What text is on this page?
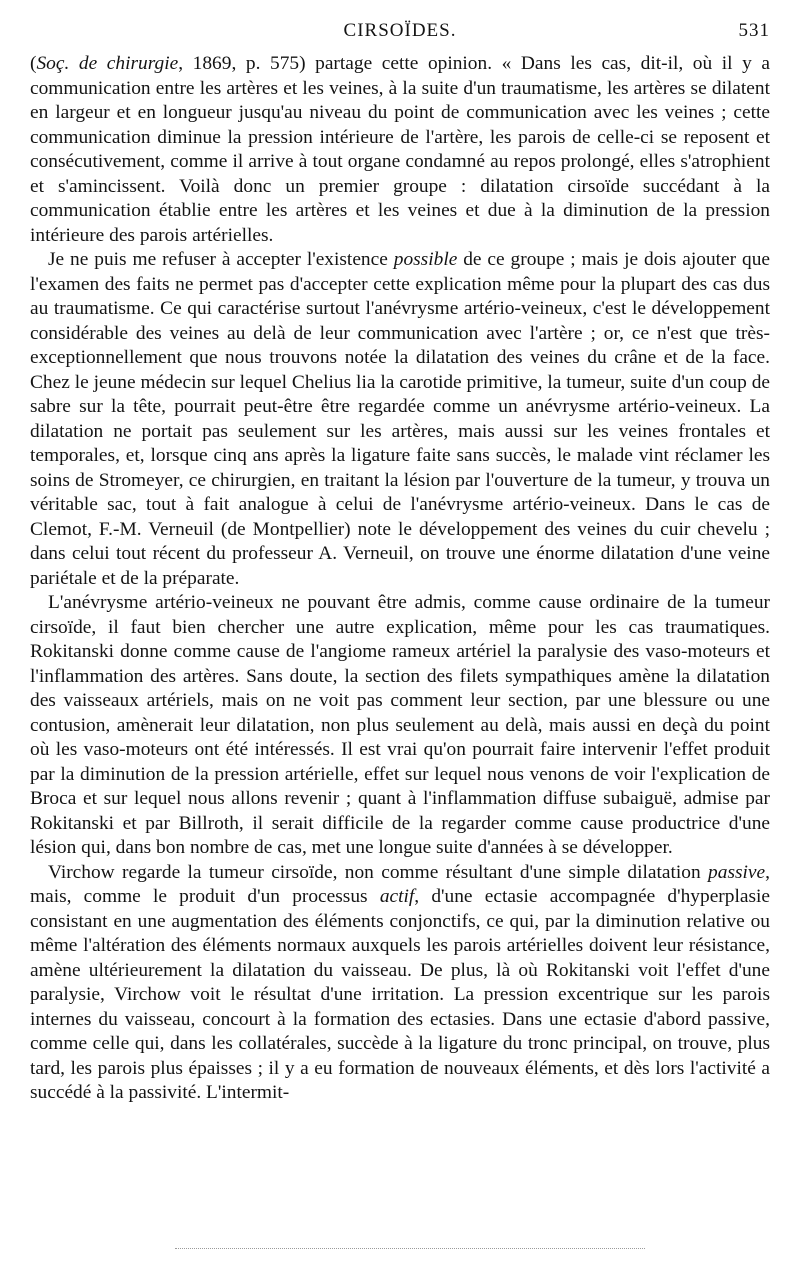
CIRSOÏDES.	531

(Soç. de chirurgie, 1869, p. 575) partage cette opinion. « Dans les cas, dit-il, où il y a communication entre les artères et les veines, à la suite d'un traumatisme, les artères se dilatent en largeur et en longueur jusqu'au niveau du point de communication avec les veines ; cette communication diminue la pression intérieure de l'artère, les parois de celle-ci se reposent et consécutivement, comme il arrive à tout organe condamné au repos prolongé, elles s'atrophient et s'amincissent. Voilà donc un premier groupe : dilatation cirsoïde succédant à la communication établie entre les artères et les veines et due à la diminution de la pression intérieure des parois artérielles.

Je ne puis me refuser à accepter l'existence possible de ce groupe ; mais je dois ajouter que l'examen des faits ne permet pas d'accepter cette explication même pour la plupart des cas dus au traumatisme. Ce qui caractérise surtout l'anévrysme artério-veineux, c'est le développement considérable des veines au delà de leur communication avec l'artère ; or, ce n'est que très-exceptionnellement que nous trouvons notée la dilatation des veines du crâne et de la face. Chez le jeune médecin sur lequel Chelius lia la carotide primitive, la tumeur, suite d'un coup de sabre sur la tête, pourrait peut-être être regardée comme un anévrysme artério-veineux. La dilatation ne portait pas seulement sur les artères, mais aussi sur les veines frontales et temporales, et, lorsque cinq ans après la ligature faite sans succès, le malade vint réclamer les soins de Stromeyer, ce chirurgien, en traitant la lésion par l'ouverture de la tumeur, y trouva un véritable sac, tout à fait analogue à celui de l'anévrysme artério-veineux. Dans le cas de Clemot, F.-M. Verneuil (de Montpellier) note le développement des veines du cuir chevelu ; dans celui tout récent du professeur A. Verneuil, on trouve une énorme dilatation d'une veine pariétale et de la préparate.

L'anévrysme artério-veineux ne pouvant être admis, comme cause ordinaire de la tumeur cirsoïde, il faut bien chercher une autre explication, même pour les cas traumatiques. Rokitanski donne comme cause de l'angiome rameux artériel la paralysie des vaso-moteurs et l'inflammation des artères. Sans doute, la section des filets sympathiques amène la dilatation des vaisseaux artériels, mais on ne voit pas comment leur section, par une blessure ou une contusion, amènerait leur dilatation, non plus seulement au delà, mais aussi en deçà du point où les vaso-moteurs ont été intéressés. Il est vrai qu'on pourrait faire intervenir l'effet produit par la diminution de la pression artérielle, effet sur lequel nous venons de voir l'explication de Broca et sur lequel nous allons revenir ; quant à l'inflammation diffuse subaiguë, admise par Rokitanski et par Billroth, il serait difficile de la regarder comme cause productrice d'une lésion qui, dans bon nombre de cas, met une longue suite d'années à se développer.

Virchow regarde la tumeur cirsoïde, non comme résultant d'une simple dilatation passive, mais, comme le produit d'un processus actif, d'une ectasie accompagnée d'hyperplasie consistant en une augmentation des éléments conjonctifs, ce qui, par la diminution relative ou même l'altération des éléments normaux auxquels les parois artérielles doivent leur résistance, amène ultérieurement la dilatation du vaisseau. De plus, là où Rokitanski voit l'effet d'une paralysie, Virchow voit le résultat d'une irritation. La pression excentrique sur les parois internes du vaisseau, concourt à la formation des ectasies. Dans une ectasie d'abord passive, comme celle qui, dans les collatérales, succède à la ligature du tronc principal, on trouve, plus tard, les parois plus épaisses ; il y a eu formation de nouveaux éléments, et dès lors l'activité a succédé à la passivité. L'intermit-
